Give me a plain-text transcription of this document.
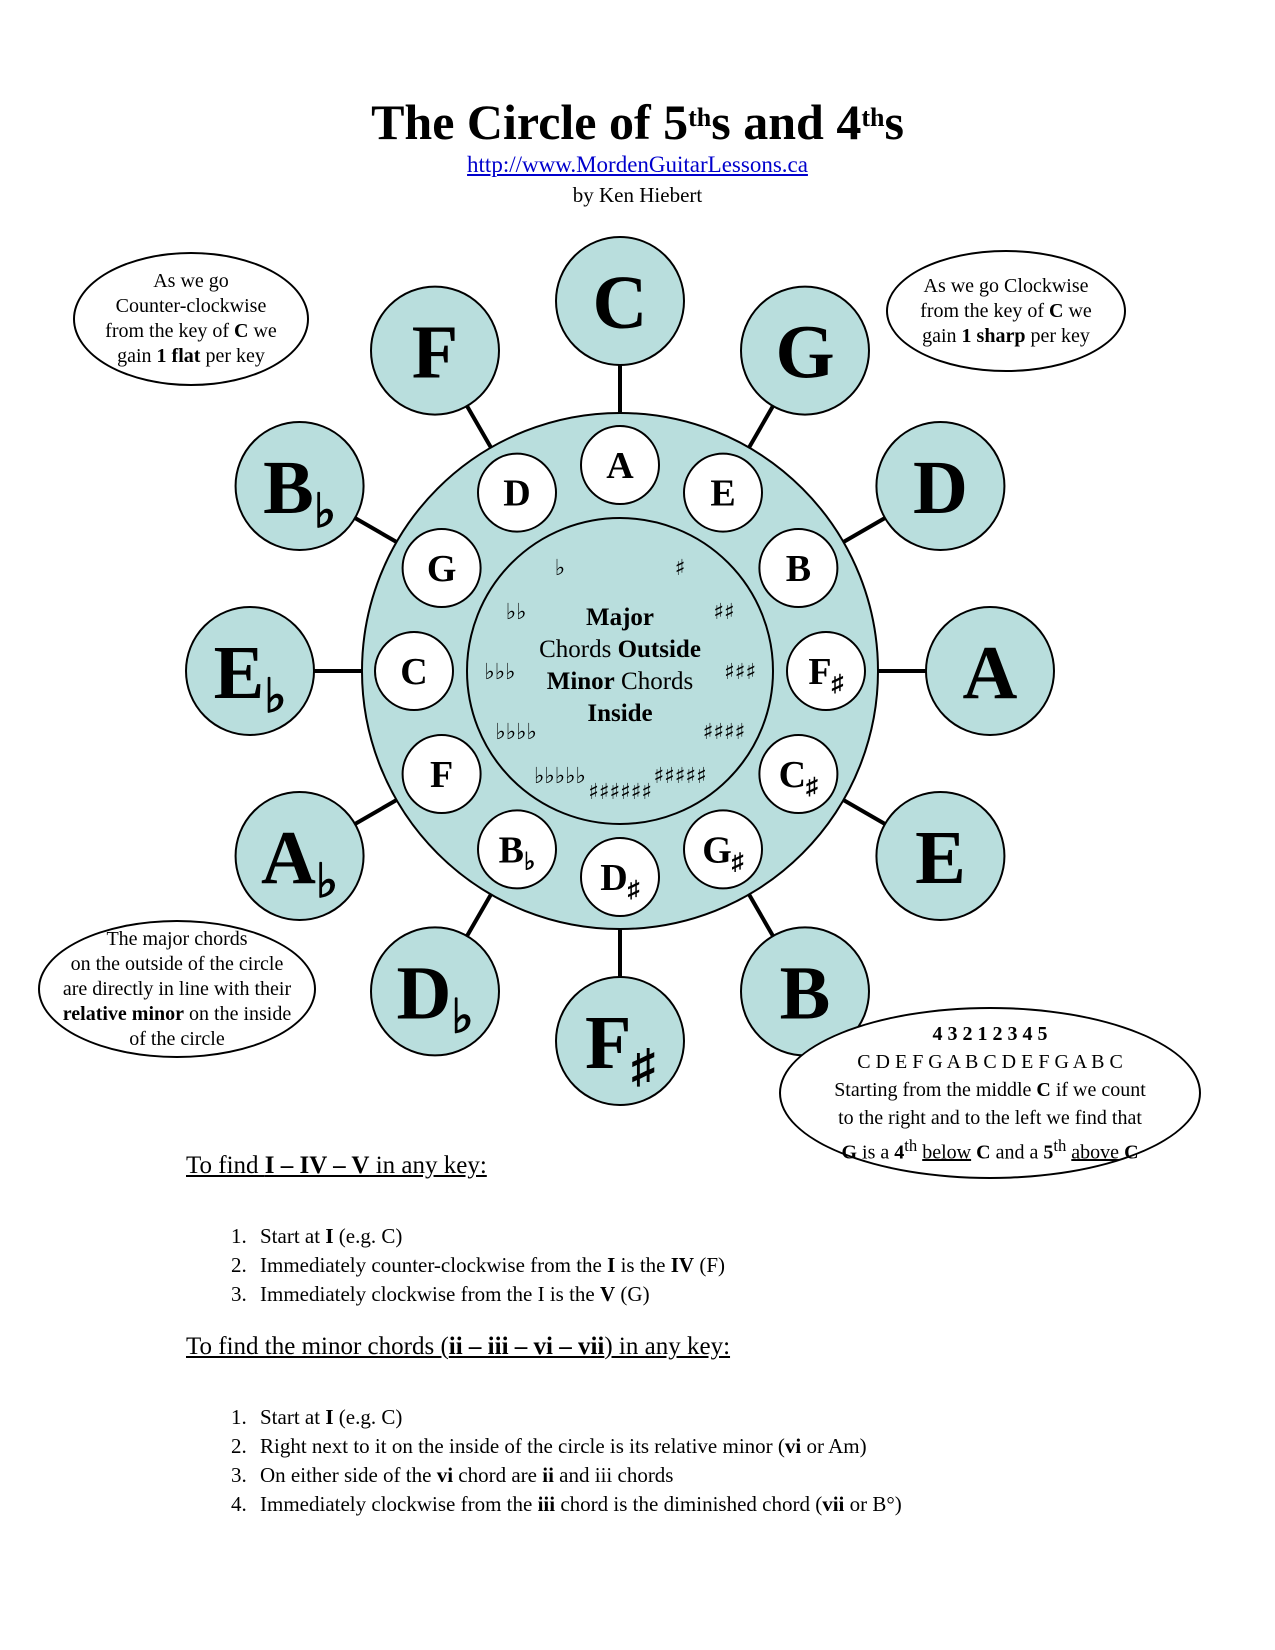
The Circle of 5ths and 4ths
http://www.MordenGuitarLessons.ca
by Ken Hiebert
C
G
D
A
E
B
F♯
D♭
A♭
E♭
B♭
F
A
E
B
F♯
C♯
G♯
D♯
B♭
F
C
G
D
♯
♯♯
♯♯♯
♯♯♯♯
♯♯♯♯♯
♯♯♯♯♯♯
♭♭♭♭♭
♭♭♭♭
♭♭♭
♭♭
♭
Major
Chords Outside
Minor Chords
Inside
As we go
Counter-clockwise
from the key of C we
gain 1 flat per key
As we go Clockwise
from the key of C we
gain 1 sharp per key
The major chords
on the outside of the circle
are directly in line with their
relative minor on the inside
of the circle	4 3 2 1 2 3 4 5
C D E F G A B C D E F G A B C
Starting from the middle C if we count
to the right and to the left we find that
G is a 4th below C and a 5th above C
To find I – IV – V in any key:
1. Start at I (e.g. C)
2. Immediately counter-clockwise from the I is the IV (F)
3. Immediately clockwise from the I is the V (G)
To find the minor chords (ii – iii – vi – vii) in any key:
1. Start at I (e.g. C)
2. Right next to it on the inside of the circle is its relative minor (vi or Am)
3. On either side of the vi chord are ii and iii chords
4. Immediately clockwise from the iii chord is the diminished chord (vii or B°)
